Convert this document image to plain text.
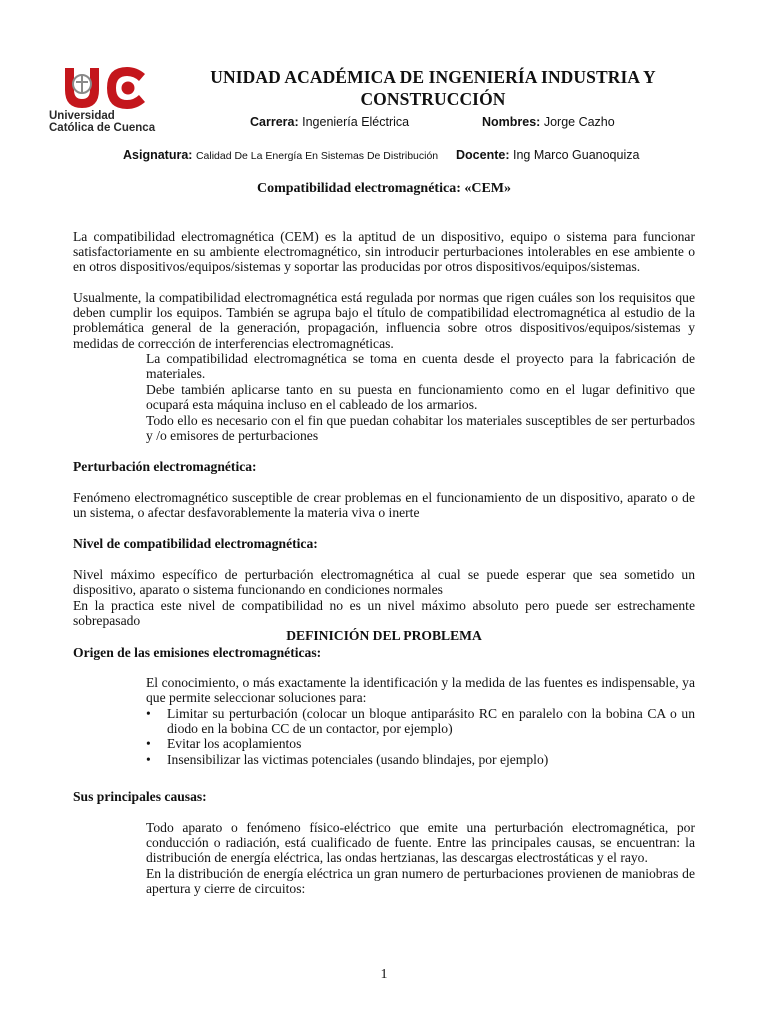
Universidad
Católica de Cuenca
UNIDAD ACADÉMICA DE INGENIERÍA INDUSTRIA Y
CONSTRUCCIÓN
Carrera: Ingeniería Eléctrica	Nombres: Jorge Cazho
Asignatura: Calidad De La Energía En Sistemas De Distribución Docente: Ing Marco Guanoquiza
Compatibilidad electromagnética: «CEM»
La compatibilidad electromagnética (CEM) es la aptitud de un dispositivo, equipo o sistema para funcionar satisfactoriamente en su ambiente electromagnético, sin introducir perturbaciones intolerables en ese ambiente o en otros dispositivos/equipos/sistemas y soportar las producidas por otros dispositivos/equipos/sistemas.
Usualmente, la compatibilidad electromagnética está regulada por normas que rigen cuáles son los requisitos que deben cumplir los equipos. También se agrupa bajo el título de compatibilidad electromagnética al estudio de la problemática general de la generación, propagación, influencia sobre otros dispositivos/equipos/sistemas y medidas de corrección de interferencias electromagnéticas.
La compatibilidad electromagnética se toma en cuenta desde el proyecto para la fabricación de materiales.
Debe también aplicarse tanto en su puesta en funcionamiento como en el lugar definitivo que ocupará esta máquina incluso en el cableado de los armarios.
Todo ello es necesario con el fin que puedan cohabitar los materiales susceptibles de ser perturbados y /o emisores de perturbaciones
Perturbación electromagnética:
Fenómeno electromagnético susceptible de crear problemas en el funcionamiento de un dispositivo, aparato o de un sistema, o afectar desfavorablemente la materia viva o inerte
Nivel de compatibilidad electromagnética:
Nivel máximo específico de perturbación electromagnética al cual se puede esperar que sea sometido un dispositivo, aparato o sistema funcionando en condiciones normales
En la practica este nivel de compatibilidad no es un nivel máximo absoluto pero puede ser estrechamente sobrepasado
DEFINICIÓN DEL PROBLEMA
Origen de las emisiones electromagnéticas:
El conocimiento, o más exactamente la identificación y la medida de las fuentes es indispensable, ya que permite seleccionar soluciones para:
• Limitar su perturbación (colocar un bloque antiparásito RC en paralelo con la bobina CA o un diodo en la bobina CC de un contactor, por ejemplo)
• Evitar los acoplamientos
• Insensibilizar las victimas potenciales (usando blindajes, por ejemplo)
Sus principales causas:
Todo aparato o fenómeno físico-eléctrico que emite una perturbación electromagnética, por conducción o radiación, está cualificado de fuente. Entre las principales causas, se encuentran: la distribución de energía eléctrica, las ondas hertzianas, las descargas electrostáticas y el rayo.
En la distribución de energía eléctrica un gran numero de perturbaciones provienen de maniobras de apertura y cierre de circuitos:
1
